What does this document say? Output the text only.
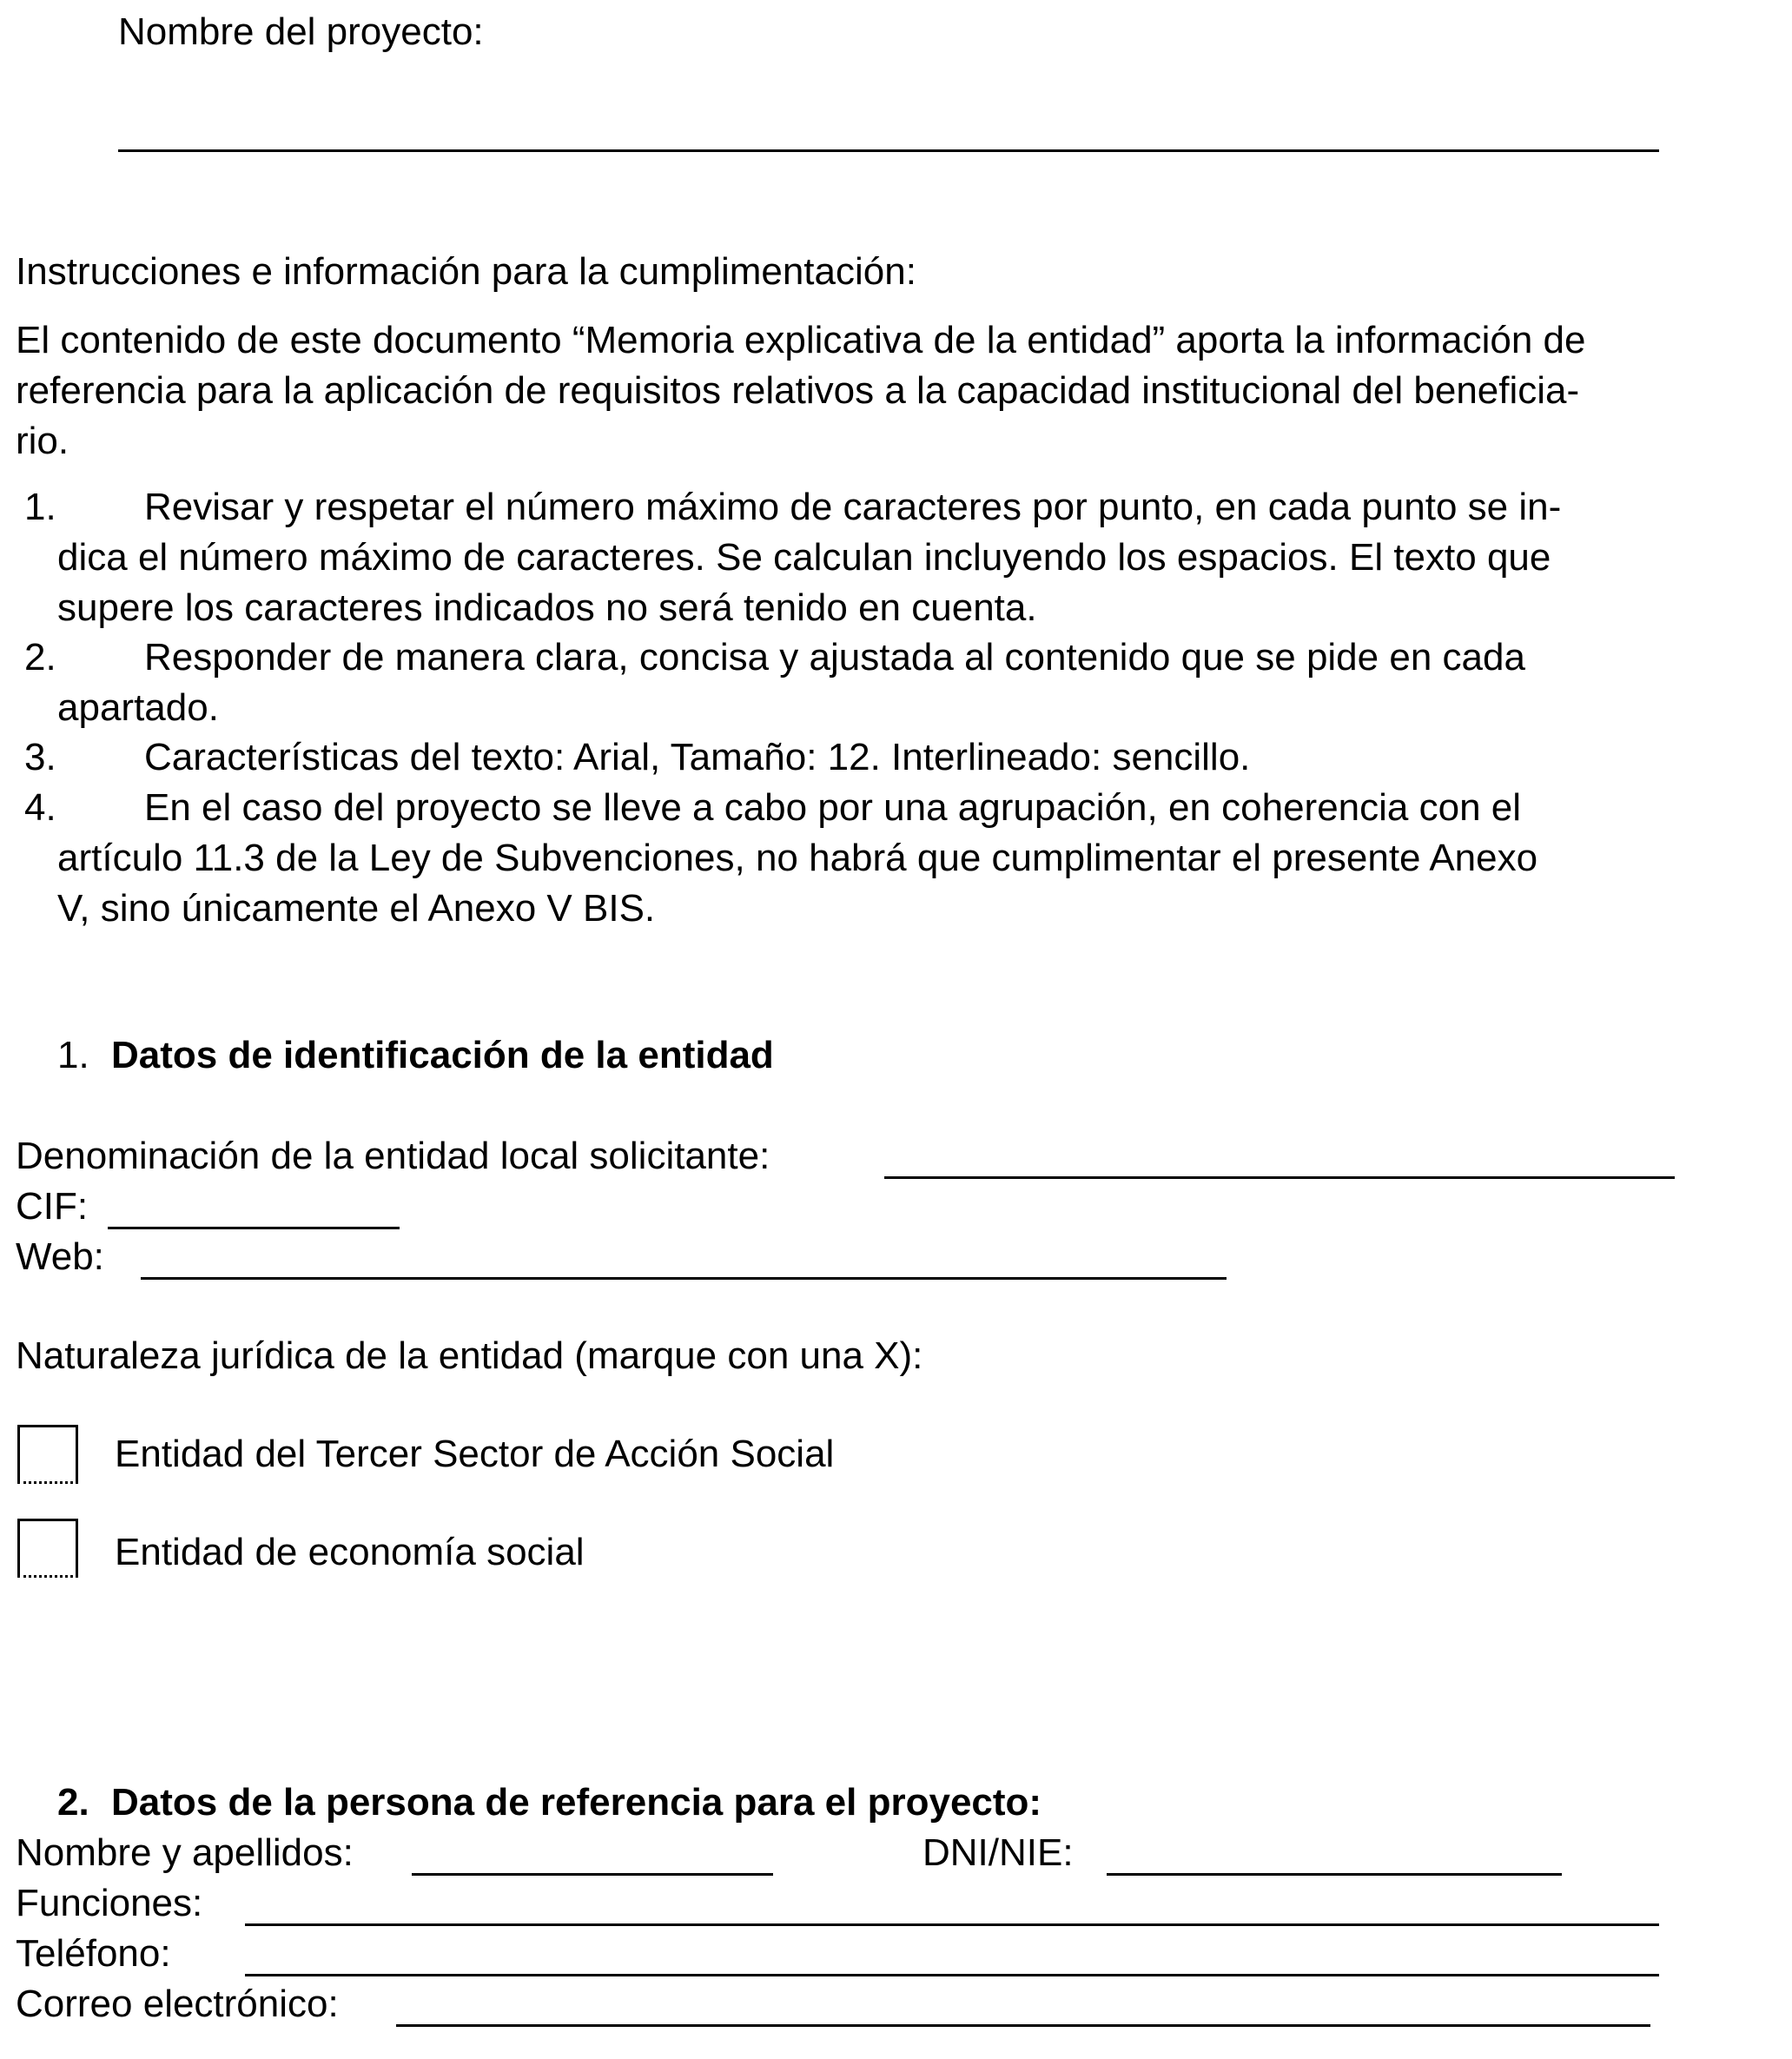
Nombre del proyecto:
Instrucciones e información para la cumplimentación:
El contenido de este documento “Memoria explicativa de la entidad” aporta la información de
referencia para la aplicación de requisitos relativos a la capacidad institucional del beneficia-
rio.
1.	Revisar y respetar el número máximo de caracteres por punto, en cada punto se in-
dica el número máximo de caracteres. Se calculan incluyendo los espacios. El texto que
supere los caracteres indicados no será tenido en cuenta.
2.	Responder de manera clara, concisa y ajustada al contenido que se pide en cada
apartado.
3.	Características del texto: Arial, Tamaño: 12. Interlineado: sencillo.
4.	En el caso del proyecto se lleve a cabo por una agrupación, en coherencia con el
artículo 11.3 de la Ley de Subvenciones, no habrá que cumplimentar el presente Anexo
V, sino únicamente el Anexo V BIS.
1. Datos de identificación de la entidad
Denominación de la entidad local solicitante:
CIF:
Web:
Naturaleza jurídica de la entidad (marque con una X):
Entidad del Tercer Sector de Acción Social
Entidad de economía social
2. Datos de la persona de referencia para el proyecto:
Nombre y apellidos:	DNI/NIE:
Funciones:
Teléfono:
Correo electrónico:
